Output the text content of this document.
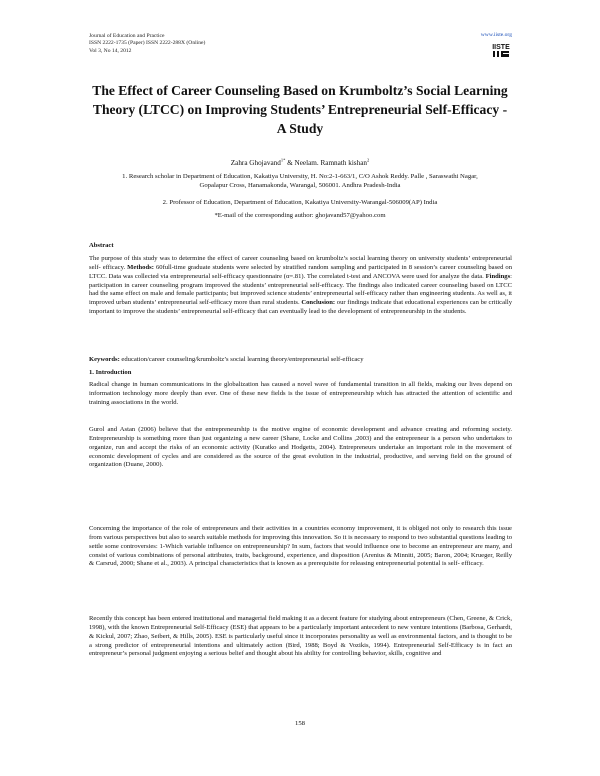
Journal of Education and Practice
ISSN 2222-1735 (Paper) ISSN 2222-288X (Online)
Vol 3, No 14, 2012
www.iiste.org
IISTE
The Effect of Career Counseling Based on Krumboltz’s Social Learning Theory (LTCC) on Improving Students’ Entrepreneurial Self-Efficacy - A Study
Zahra Ghojavand$^{1*}$ & Neelam. Ramnath kishan$^2$
1. Research scholar in Department of Education, Kakatiya University, H. No:2-1-663/1, C/O Ashok Reddy. Palle , Saraswathi Nagar, Gopalapur Cross, Hanamakonda, Warangal, 506001. Andhra Pradesh-India
2. Professor of Education, Department of Education, Kakatiya University-Warangal-506009(AP) India
*E-mail of the corresponding author: ghojavand57@yahoo.com
Abstract
The purpose of this study was to determine the effect of career counseling based on krumboltz’s social learning theory on university students’ entrepreneurial self- efficacy. Methods: 60full-time graduate students were selected by stratified random sampling and participated in 8 session’s career counseling based on LTCC. Data was collected via entrepreneurial self-efficacy questionnaire (α=.81). The correlated t-test and ANCOVA were used for analyze the data. Findings: participation in career counseling program improved the students’ entrepreneurial self-efficacy. The findings also indicated career counseling based on LTCC had the same effect on male and female participants; but improved science students’ entrepreneurial self-efficacy rather than engineering students. As well as, it improved urban students’ entrepreneurial self-efficacy more than rural students. Conclusion: our findings indicate that educational experiences can be critically important to improve the students’ entrepreneurial self-efficacy that can eventually lead to the development of entrepreneurship in the students.
Keywords: education/career counseling/krumboltz’s social learning theory/entrepreneurial self-efficacy
1. Introduction
Radical change in human communications in the globalization has caused a novel wave of fundamental transition in all fields, making our lives depend on information technology more deeply than ever. One of these new fields is the issue of entrepreneurship which has attracted the attention of scientific and training associations in the world.
Gurol and Astan (2006) believe that the entrepreneurship is the motive engine of economic development and advance creating and reforming society. Entrepreneurship is something more than just organizing a new career (Shane, Locke and Collins ,2003) and the entrepreneur is a person who undertakes to organize, run and accept the risks of an economic activity (Kuratko and Hodgetts, 2004). Entrepreneurs undertake an important role in the movement of economic development of cycles and are considered as the source of the great evolution in the industrial, productive, and serving field on the ground of organization (Duane, 2000).
Concerning the importance of the role of entrepreneurs and their activities in a countries economy improvement, it is obliged not only to research this issue from various perspectives but also to search suitable methods for improving this innovation. So it is necessary to respond to two substantial questions leading to settle some controversies: 1-Which variable influence on entrepreneurship? In sum, factors that would influence one to become an entrepreneur are many, and consist of various combinations of personal attributes, traits, background, experience, and disposition (Arenius & Minniti, 2005; Baron, 2004; Krueger, Reilly & Carsrud, 2000; Shane et al., 2003). A principal characteristics that is known as a prerequisite for releasing entrepreneurial potential is self- efficacy.
Recently this concept has been entered institutional and managerial field making it as a decent feature for studying about entrepreneurs (Chen, Greene, & Crick, 1998), with the known Entrepreneurial Self-Efficacy (ESE) that appears to be a particularly important antecedent to new venture intentions (Barbosa, Gerhardt, & Kickul, 2007; Zhao, Seibert, & Hills, 2005). ESE is particularly useful since it incorporates personality as well as environmental factors, and is thought to be a strong predictor of entrepreneurial intentions and ultimately action (Bird, 1988; Boyd & Vozikis, 1994). Entrepreneurial Self-Efficacy is in fact an entrepreneur’s personal judgment enjoying a serious belief and thought about his ability for controlling behavior, skills, cognitive and
158
